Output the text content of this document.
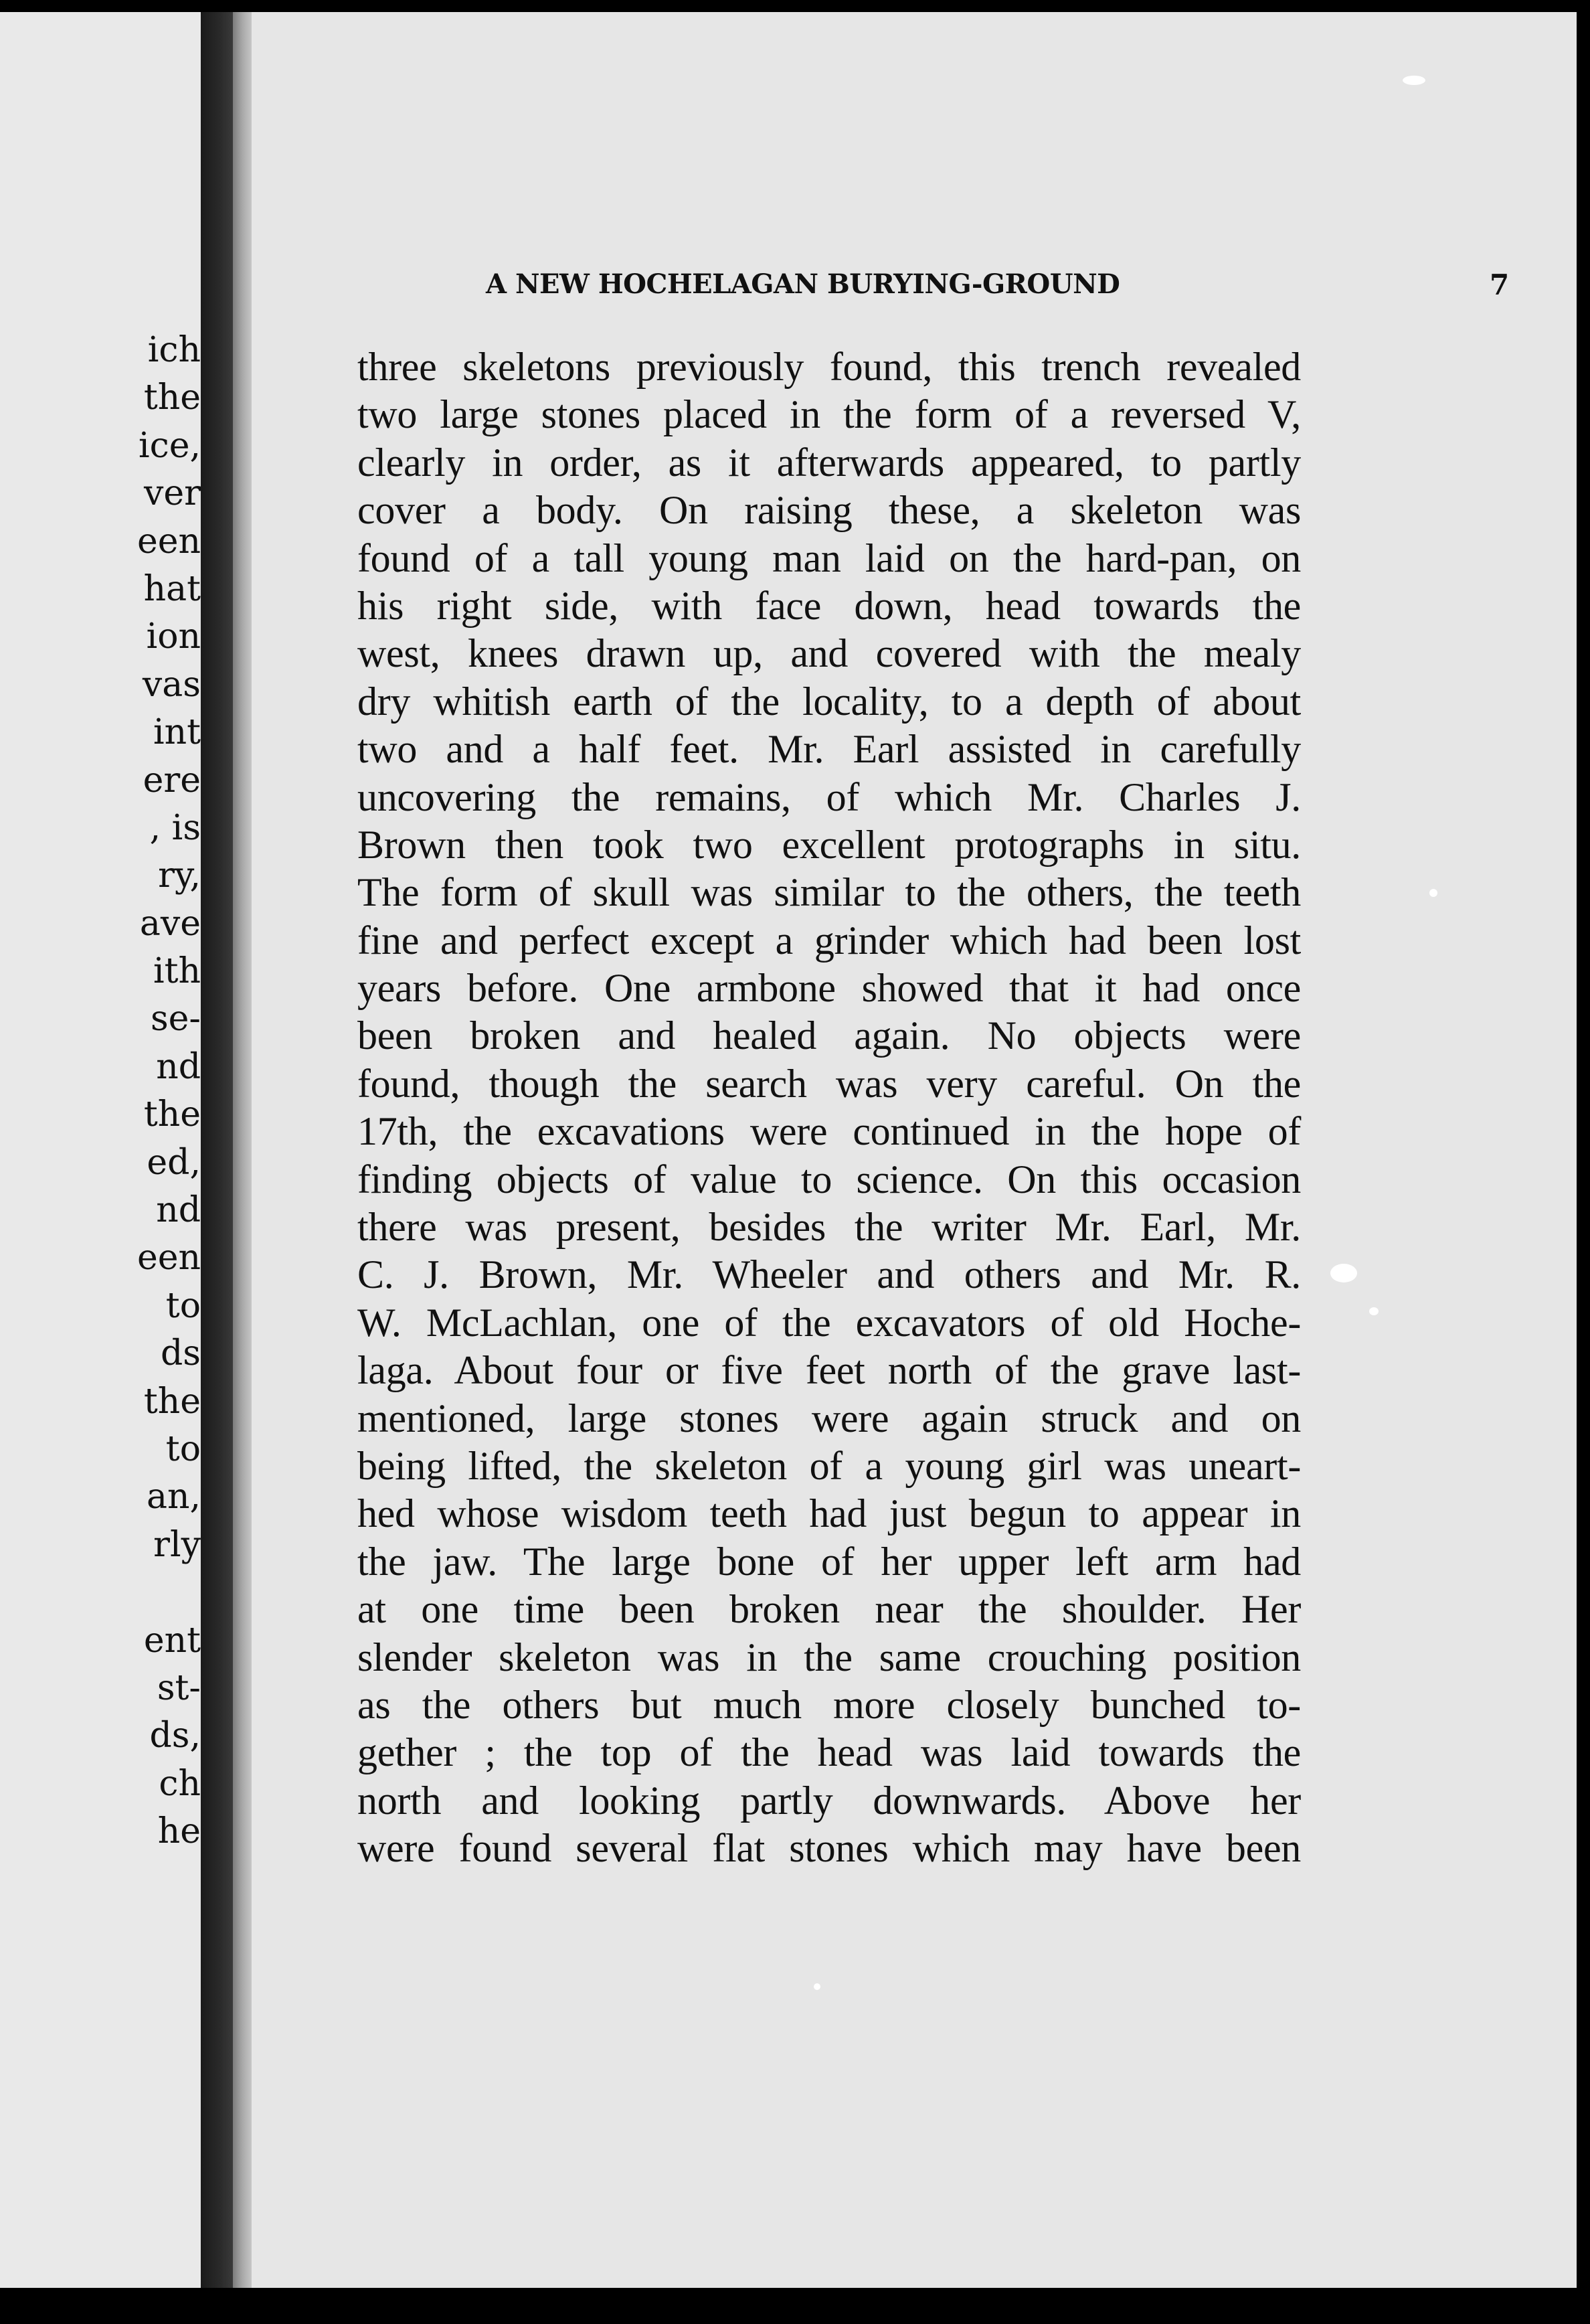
ich
the
ice,
ver
een
hat
ion
vas
int
ere
, is
ry,
ave
ith
se-
nd
the
ed,
nd
een
to
ds
the
to
an,
rly
ent
st-
ds,
ch
he
A NEW HOCHELAGAN BURYING-GROUND	7
three skeletons previously found, this trench revealed
two large stones placed in the form of a reversed V,
clearly in order, as it afterwards appeared, to partly
cover a body. On raising these, a skeleton was
found of a tall young man laid on the hard-pan, on
his right side, with face down, head towards the
west, knees drawn up, and covered with the mealy
dry whitish earth of the locality, to a depth of about
two and a half feet. Mr. Earl assisted in carefully
uncovering the remains, of which Mr. Charles J.
Brown then took two excellent protographs in situ.
The form of skull was similar to the others, the teeth
fine and perfect except a grinder which had been lost
years before. One armbone showed that it had once
been broken and healed again. No objects were
found, though the search was very careful. On the
17th, the excavations were continued in the hope of
finding objects of value to science. On this occasion
there was present, besides the writer Mr. Earl, Mr.
C. J. Brown, Mr. Wheeler and others and Mr. R.
W. McLachlan, one of the excavators of old Hoche-
laga. About four or five feet north of the grave last-
mentioned, large stones were again struck and on
being lifted, the skeleton of a young girl was uneart-
hed whose wisdom teeth had just begun to appear in
the jaw. The large bone of her upper left arm had
at one time been broken near the shoulder. Her
slender skeleton was in the same crouching position
as the others but much more closely bunched to-
gether ; the top of the head was laid towards the
north and looking partly downwards. Above her
were found several flat stones which may have been
